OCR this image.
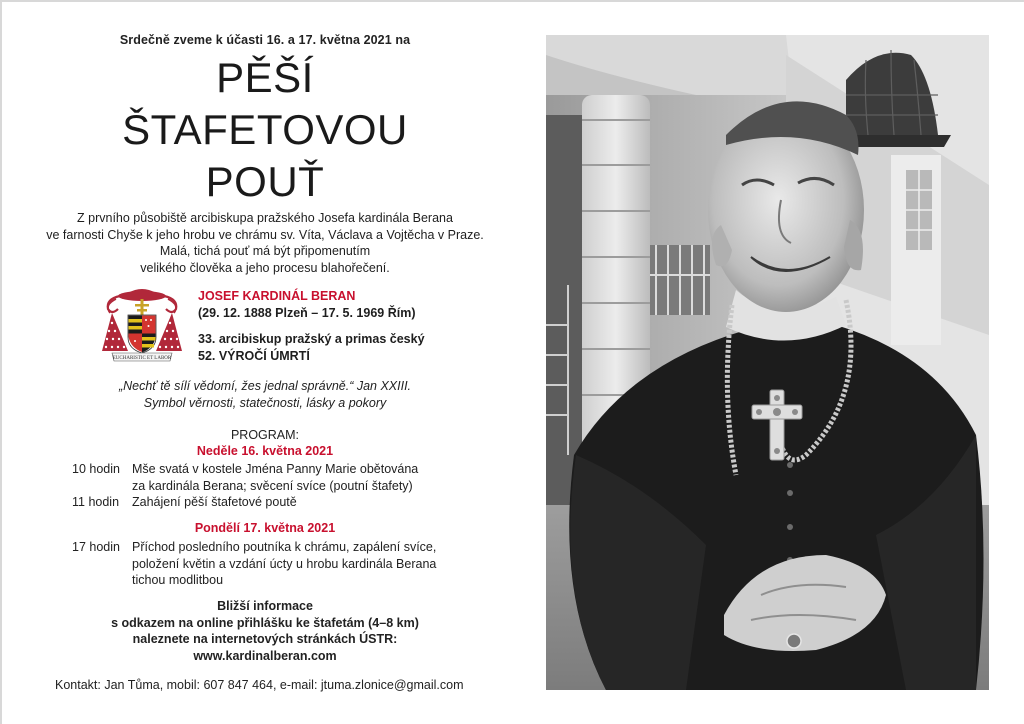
Srdečně zveme k účasti 16. a 17. května 2021 na
PĚŠÍ
ŠTAFETOVOU
POUŤ
Z prvního působiště arcibiskupa pražského Josefa kardinála Berana
ve farnosti Chyše k jeho hrobu ve chrámu sv. Víta, Václava a Vojtěcha v Praze.
Malá, tichá pouť má být připomenutím
velikého člověka a jeho procesu blahořečení.
EUCHARISTIC ET LABOR
JOSEF KARDINÁL BERAN
(29. 12. 1888 Plzeň – 17. 5. 1969 Řím)
33. arcibiskup pražský a primas český
52. VÝROČÍ ÚMRTÍ
„Nechť tě sílí vědomí, žes jednal správně.“ Jan XXIII.
Symbol věrnosti, statečnosti, lásky a pokory
PROGRAM:
Neděle 16. května 2021
10 hodin Mše svatá v kostele Jména Panny Marie obětována
za kardinála Berana; svěcení svíce (poutní štafety)
11 hodin	Zahájení pěší štafetové poutě
Pondělí 17. května 2021
17 hodin Příchod posledního poutníka k chrámu, zapálení svíce,
položení květin a vzdání úcty u hrobu kardinála Berana
tichou modlitbou
Bližší informace
s odkazem na online přihlášku ke štafetám (4–8 km)
naleznete na internetových stránkách ÚSTR:
www.kardinalberan.com
Kontakt: Jan Tůma, mobil: 607 847 464, e-mail: jtuma.zlonice@gmail.com
